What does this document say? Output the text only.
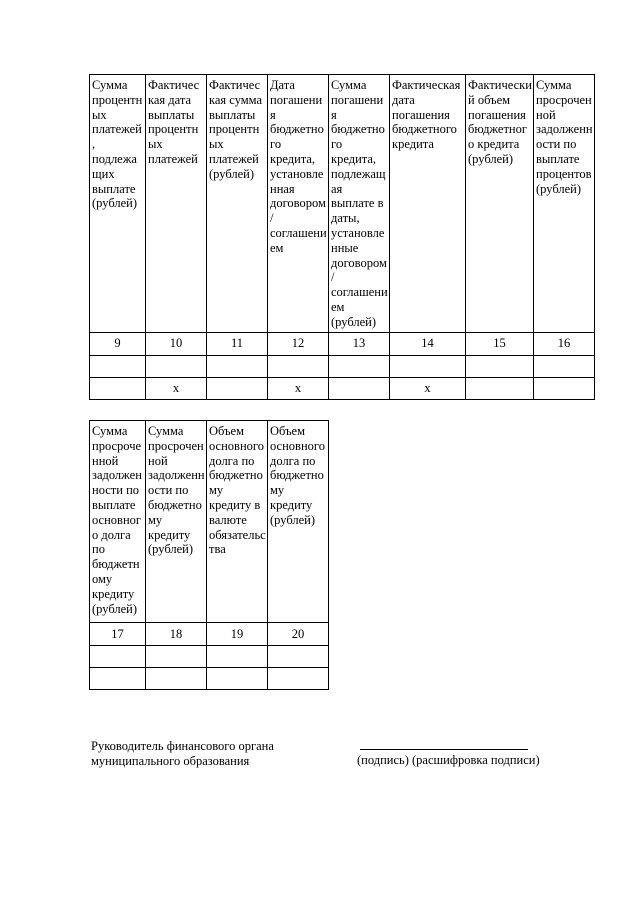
Сумма процентных платежей, подлежащих выплате (рублей)	Фактическая дата выплаты процентных платежей	Фактическая сумма выплаты процентных платежей (рублей)	Дата погашения бюджетного кредита, установленная договором/соглашением	Сумма погашения бюджетного кредита, подлежащая выплате в даты, установленные договором/соглашением (рублей)	Фактическая дата погашения бюджетного кредита	Фактический объем погашения бюджетного кредита (рублей)	Сумма просроченной задолженности по выплате процентов (рублей)
9	10	11	12	13	14	15	16

	x		x		x		
Сумма просроченной задолженности по выплате основного долга по бюджетному кредиту (рублей)	Сумма просроченной задолженности по бюджетному кредиту (рублей)	Объем основного долга по бюджетному кредиту в валюте обязательства	Объем основного долга по бюджетному кредиту (рублей)
17	18	19	20

Руководитель финансового органа
муниципального образования	(подпись) (расшифровка подписи)
